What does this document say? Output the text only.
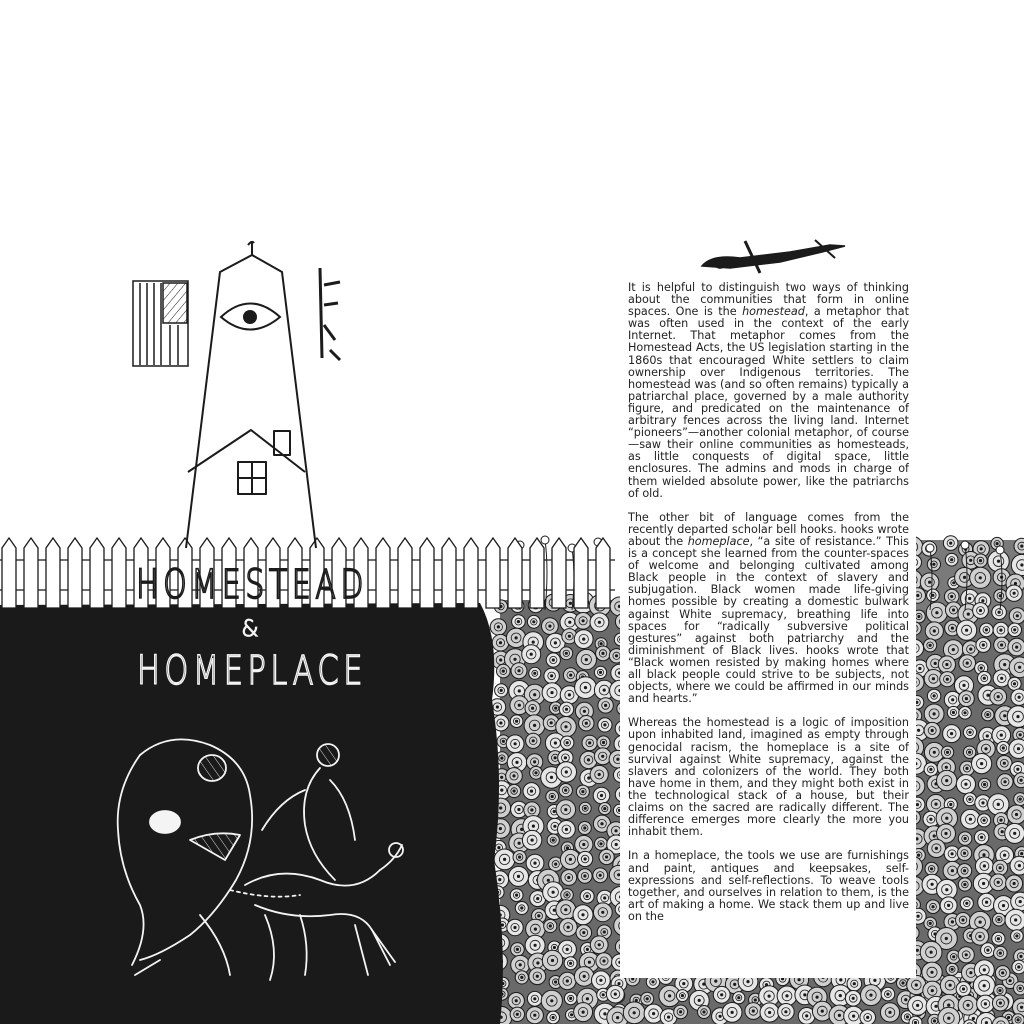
HOMESTEAD
&
HOMEPLACE

It is helpful to distinguish two ways of thinking about the communities that form in online spaces. One is the homestead, a metaphor that was often used in the context of the early Internet. That metaphor comes from the Homestead Acts, the US legislation starting in the 1860s that encouraged White settlers to claim ownership over Indigenous territories. The homestead was (and so often remains) typically a patriarchal place, governed by a male authority figure, and predicated on the maintenance of arbitrary fences across the living land. Internet “pioneers”—another colonial metaphor, of course—saw their online communities as homesteads, as little conquests of digital space, little enclosures. The admins and mods in charge of them wielded absolute power, like the patriarchs of old.

The other bit of language comes from the recently departed scholar bell hooks. hooks wrote about the homeplace, “a site of resistance.” This is a concept she learned from the counter-spaces of welcome and belonging cultivated among Black people in the context of slavery and subjugation. Black women made life-giving homes possible by creating a domestic bulwark against White supremacy, breathing life into spaces for “radically subversive political gestures” against both patriarchy and the diminishment of Black lives. hooks wrote that “Black women resisted by making homes where all black people could strive to be subjects, not objects, where we could be affirmed in our minds and hearts.”

Whereas the homestead is a logic of imposition upon inhabited land, imagined as empty through genocidal racism, the homeplace is a site of survival against White supremacy, against the slavers and colonizers of the world. They both have home in them, and they might both exist in the technological stack of a house, but their claims on the sacred are radically different. The difference emerges more clearly the more you inhabit them.

In a homeplace, the tools we use are furnishings and paint, antiques and keepsakes, self-expressions and self-reflections. To weave tools together, and ourselves in relation to them, is the art of making a home. We stack them up and live on the
